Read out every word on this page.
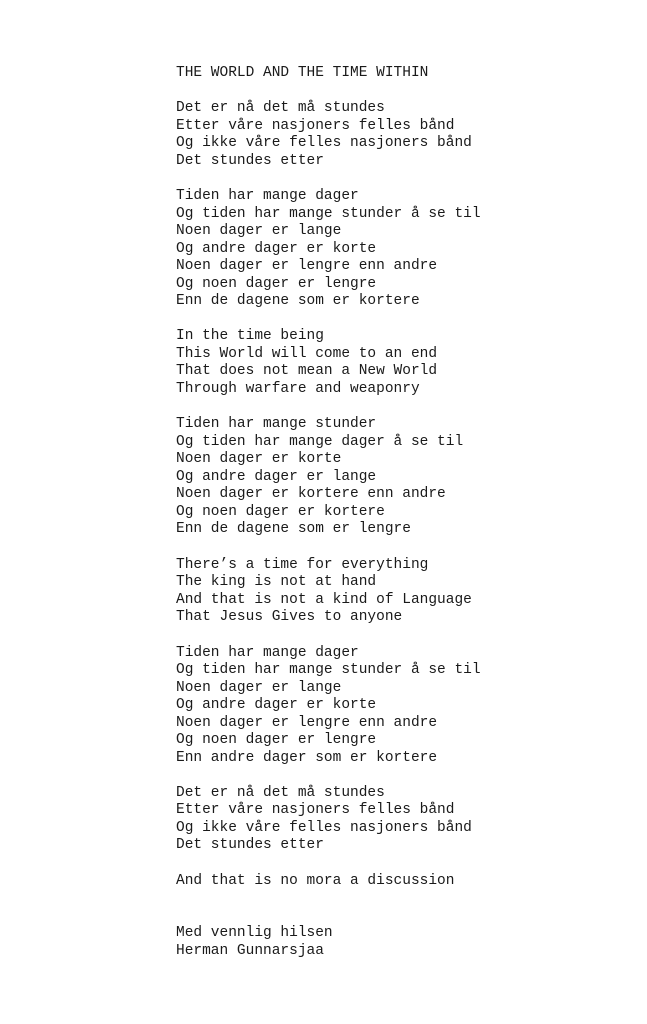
THE WORLD AND THE TIME WITHIN
Det er nå det må stundes
Etter våre nasjoners felles bånd
Og ikke våre felles nasjoners bånd
Det stundes etter
Tiden har mange dager
Og tiden har mange stunder å se til
Noen dager er lange
Og andre dager er korte
Noen dager er lengre enn andre
Og noen dager er lengre
Enn de dagene som er kortere
In the time being
This World will come to an end
That does not mean a New World
Through warfare and weaponry
Tiden har mange stunder
Og tiden har mange dager å se til
Noen dager er korte
Og andre dager er lange
Noen dager er kortere enn andre
Og noen dager er kortere
Enn de dagene som er lengre
There’s a time for everything
The king is not at hand
And that is not a kind of Language
That Jesus Gives to anyone
Tiden har mange dager
Og tiden har mange stunder å se til
Noen dager er lange
Og andre dager er korte
Noen dager er lengre enn andre
Og noen dager er lengre
Enn andre dager som er kortere
Det er nå det må stundes
Etter våre nasjoners felles bånd
Og ikke våre felles nasjoners bånd
Det stundes etter
And that is no mora a discussion
Med vennlig hilsen
Herman Gunnarsjaa
